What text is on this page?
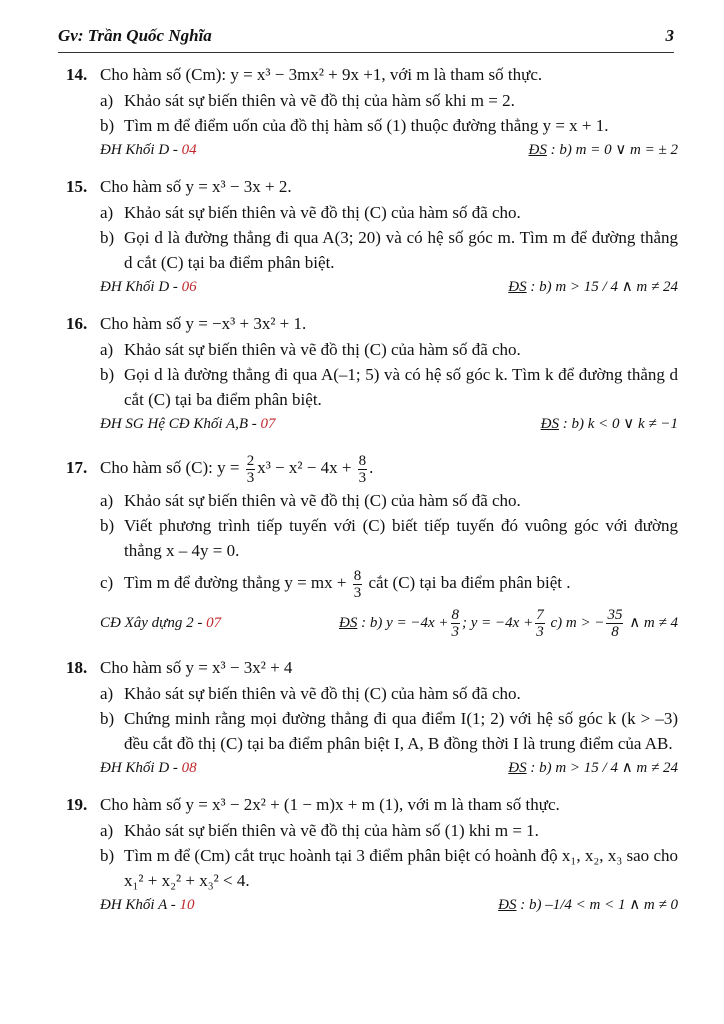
Gv: Trần Quốc Nghĩa	3
14. Cho hàm số (Cm): y = x³ − 3mx² + 9x +1, với m là tham số thực.
a) Khảo sát sự biến thiên và vẽ đồ thị của hàm số khi m = 2.
b) Tìm m để điểm uốn của đồ thị hàm số (1) thuộc đường thẳng y = x + 1.
ĐH Khối D - 04	ĐS : b) m = 0 ∨ m = ± 2
15. Cho hàm số y = x³ − 3x + 2.
a) Khảo sát sự biến thiên và vẽ đồ thị (C) của hàm số đã cho.
b) Gọi d là đường thẳng đi qua A(3; 20) và có hệ số góc m. Tìm m để đường thẳng d cắt (C) tại ba điểm phân biệt.
ĐH Khối D - 06	ĐS : b) m > 15 / 4 ∧ m ≠ 24
16. Cho hàm số y = −x³ + 3x² + 1.
a) Khảo sát sự biến thiên và vẽ đồ thị (C) của hàm số đã cho.
b) Gọi d là đường thẳng đi qua A(–1; 5) và có hệ số góc k. Tìm k để đường thẳng d cắt (C) tại ba điểm phân biệt.
ĐH SG Hệ CĐ Khối A,B - 07	ĐS : b) k < 0 ∨ k ≠ −1
17. Cho hàm số (C): $y = \frac{2}{3} x^3 - x^2 - 4x + \frac{8}{3}$ .
a) Khảo sát sự biến thiên và vẽ đồ thị (C) của hàm số đã cho.
b) Viết phương trình tiếp tuyến với (C) biết tiếp tuyến đó vuông góc với đường thẳng x – 4y = 0.
c) Tìm m để đường thẳng y = mx + $\frac{8}{3}$ cắt (C) tại ba điểm phân biệt .
CĐ Xây dựng 2 - 07	ĐS : b) $y = -4x + \frac{8}{3}$ ; $y = -4x + \frac{7}{3} c$) m > − $\frac{35}{8}$ ∧ m ≠ 4
18. Cho hàm số y = x³ − 3x² + 4
a) Khảo sát sự biến thiên và vẽ đồ thị (C) của hàm số đã cho.
b) Chứng minh rằng mọi đường thẳng đi qua điểm I(1; 2) với hệ số góc k (k > –3) đều cắt đồ thị (C) tại ba điểm phân biệt I, A, B đồng thời I là trung điểm của AB.
ĐH Khối D - 08	ĐS : b) m > 15 / 4 ∧ m ≠ 24
19. Cho hàm số y = x³ − 2x² + (1 − m)x + m (1), với m là tham số thực.
a) Khảo sát sự biến thiên và vẽ đồ thị của hàm số (1) khi m = 1.
b) Tìm m để (Cm) cắt trục hoành tại 3 điểm phân biệt có hoành độ x₁, x₂, x₃ sao cho x₁² + x₂² + x₃² < 4.
ĐH Khối A - 10	ĐS : b) –1/4 < m < 1 ∧ m ≠ 0
